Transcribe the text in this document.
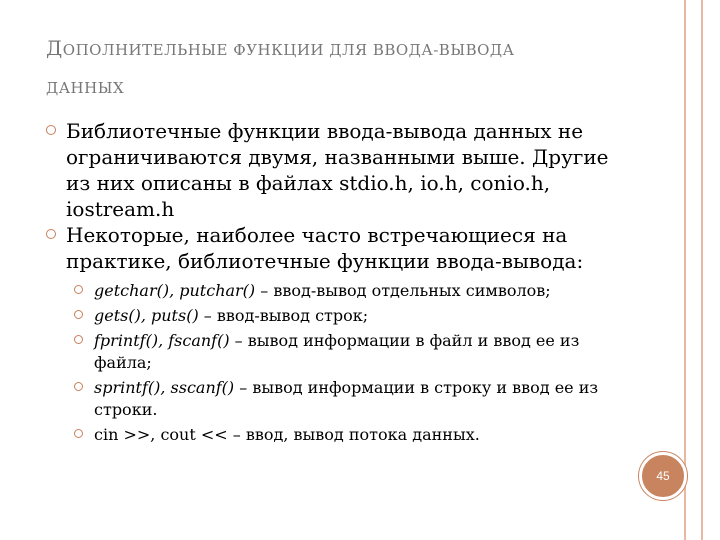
ДОПОЛНИТЕЛЬНЫЕ ФУНКЦИИ ДЛЯ ВВОДА-ВЫВОДА
ДАННЫХ
Библиотечные функции ввода-вывода данных не ограничиваются двумя, названными выше. Другие из них описаны в файлах stdio.h, io.h, conio.h, iostream.h
Некоторые, наиболее часто встречающиеся на практике, библиотечные функции ввода-вывода:
getchar(), putchar() – ввод-вывод отдельных символов;
gets(), puts() – ввод-вывод строк;
fprintf(), fscanf() – вывод информации в файл и ввод ее из файла;
sprintf(), sscanf() – вывод информации в строку и ввод ее из строки.
cin >>, cout << – ввод, вывод потока данных.
45
